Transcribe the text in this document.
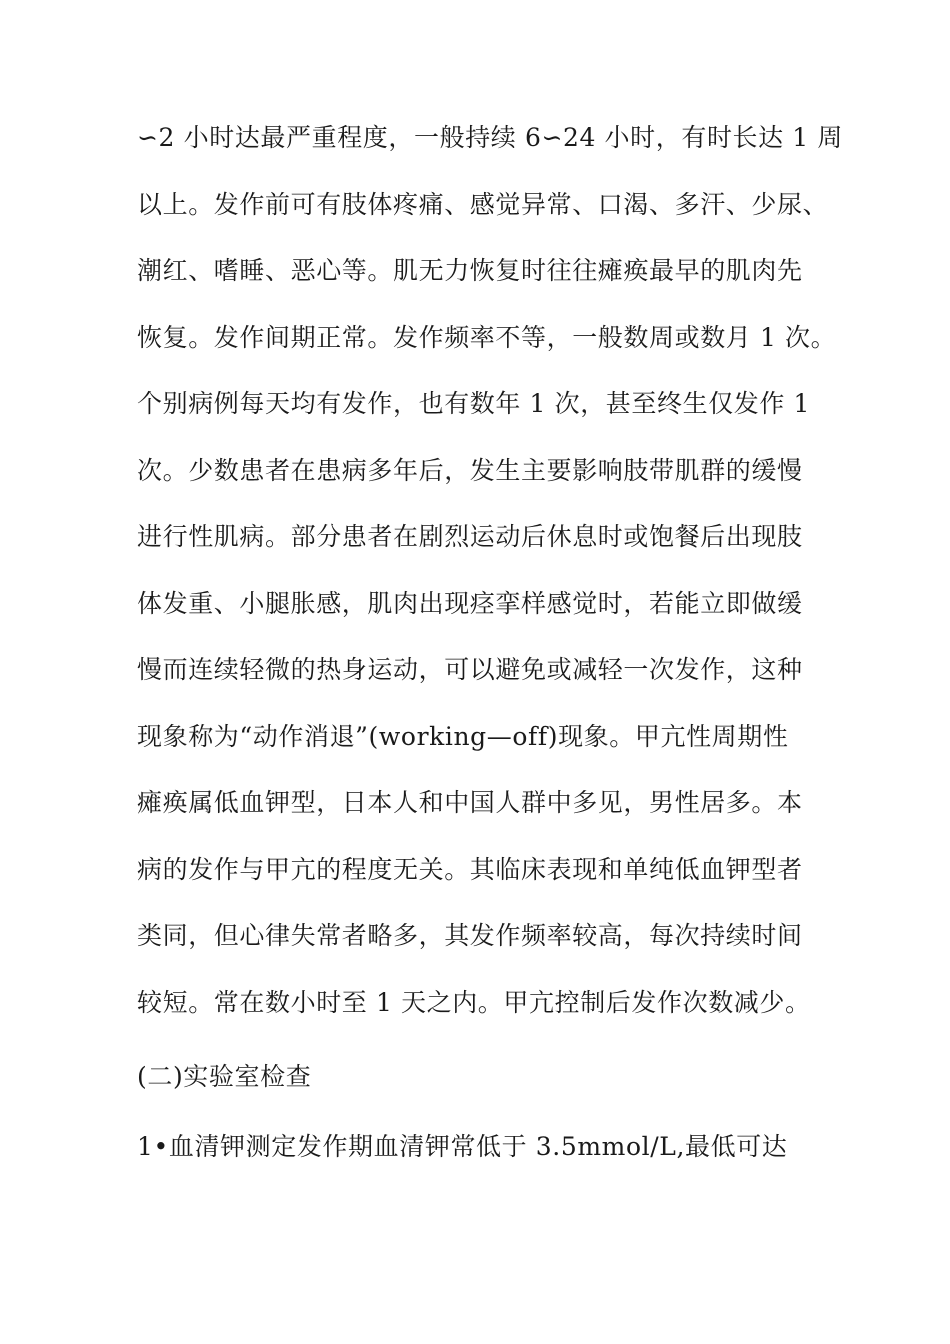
∽2 小时达最严重程度，一般持续 6∽24 小时，有时长达 1 周
以上。发作前可有肢体疼痛、感觉异常、口渴、多汗、少尿、
潮红、嗜睡、恶心等。肌无力恢复时往往瘫痪最早的肌肉先
恢复。发作间期正常。发作频率不等，一般数周或数月 1 次。
个别病例每天均有发作，也有数年 1 次，甚至终生仅发作 1
次。少数患者在患病多年后，发生主要影响肢带肌群的缓慢
进行性肌病。部分患者在剧烈运动后休息时或饱餐后出现肢
体发重、小腿胀感，肌肉出现痉挛样感觉时，若能立即做缓
慢而连续轻微的热身运动，可以避免或减轻一次发作，这种
现象称为“动作消退”(working—off)现象。甲亢性周期性
瘫痪属低血钾型，日本人和中国人群中多见，男性居多。本
病的发作与甲亢的程度无关。其临床表现和单纯低血钾型者
类同，但心律失常者略多，其发作频率较高，每次持续时间
较短。常在数小时至 1 天之内。甲亢控制后发作次数减少。
(二)实验室检查
1•血清钾测定发作期血清钾常低于 3.5mmol/L,最低可达
